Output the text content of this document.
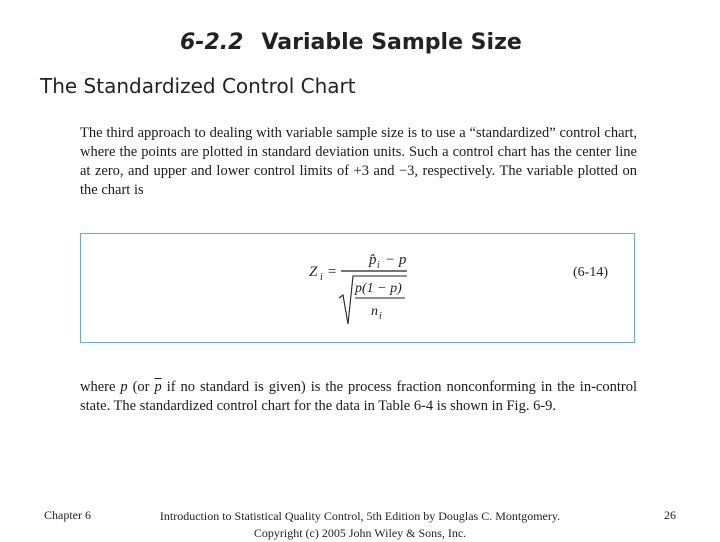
6-2.2 Variable Sample Size
The Standardized Control Chart
The third approach to dealing with variable sample size is to use a “standardized” control chart, where the points are plotted in standard deviation units. Such a control chart has the center line at zero, and upper and lower control limits of +3 and −3, respectively. The variable plotted on the chart is
Z i =
p̂ i − p
p(1 − p)
n i
(6-14)
where p (or $\overline{p}$ if no standard is given) is the process fraction nonconforming in the in-control state. The standardized control chart for the data in Table 6-4 is shown in Fig. 6-9.
Chapter 6	Introduction to Statistical Quality Control, 5th Edition by Douglas C. Montgomery.
Copyright (c) 2005 John Wiley & Sons, Inc.
26
